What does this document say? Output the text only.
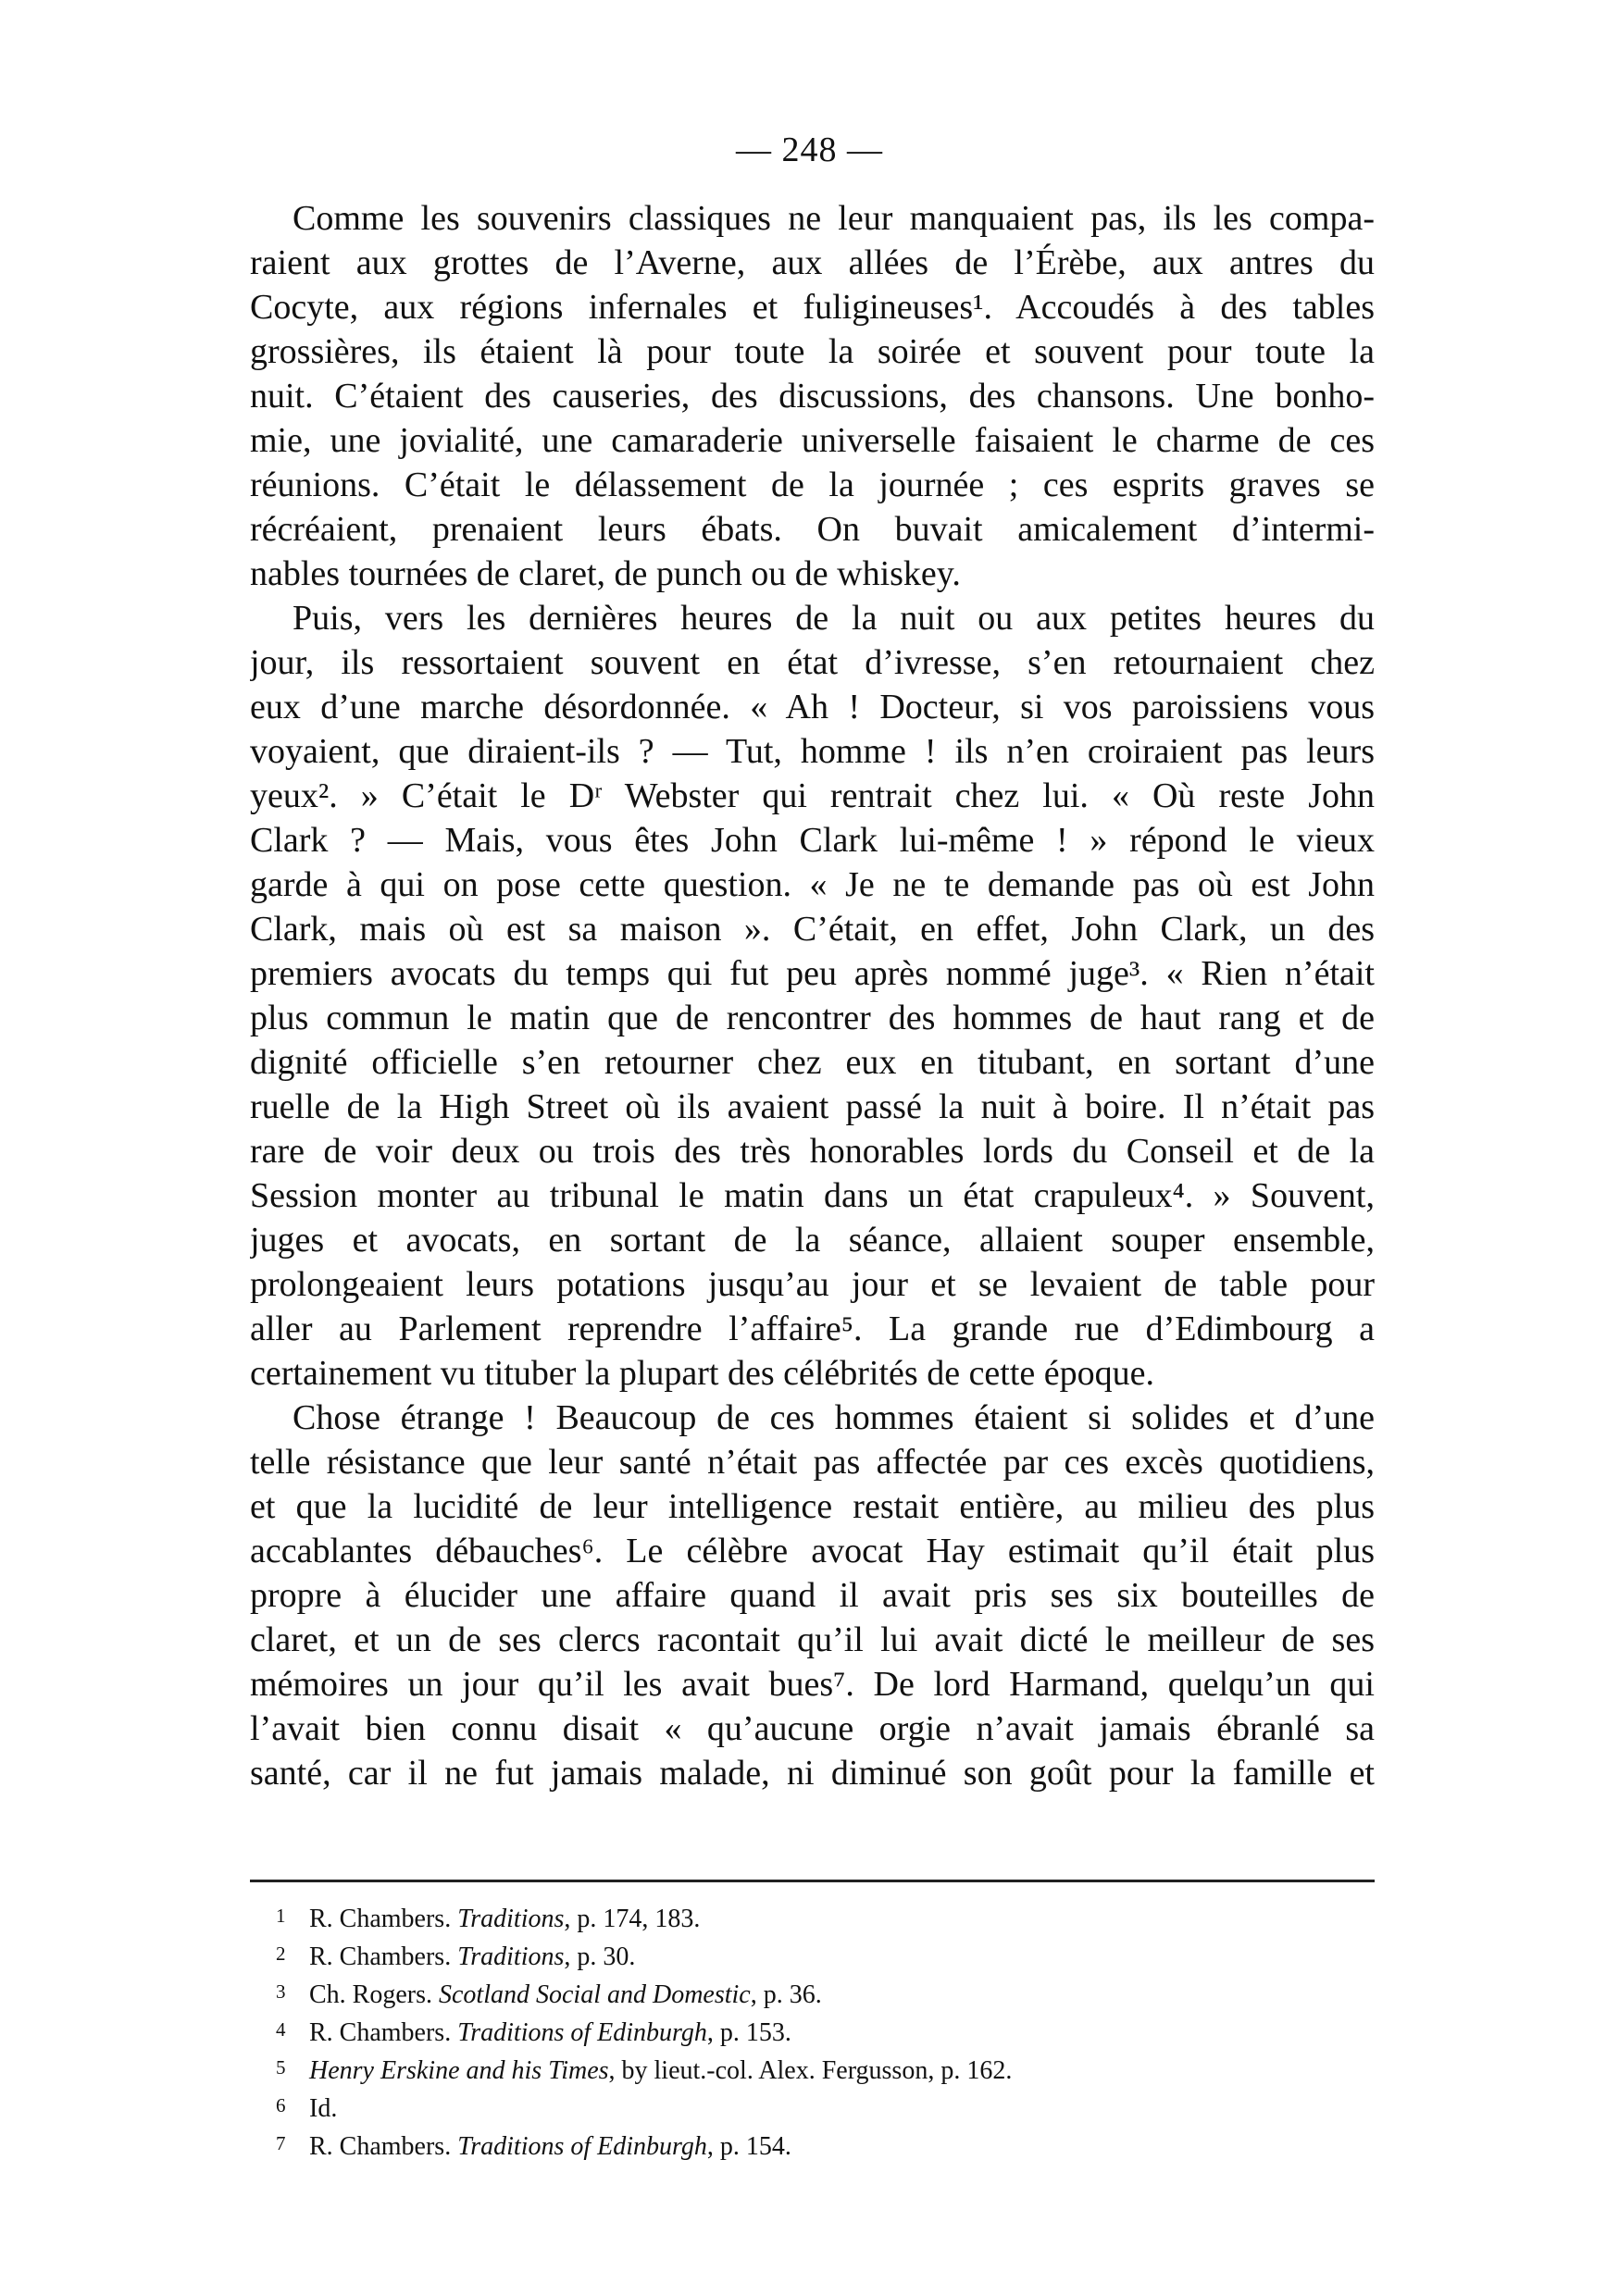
— 248 —
Comme les souvenirs classiques ne leur manquaient pas, ils les compa-
raient aux grottes de l’Averne, aux allées de l’Érèbe, aux antres du
Cocyte, aux régions infernales et fuligineuses¹. Accoudés à des tables
grossières, ils étaient là pour toute la soirée et souvent pour toute la
nuit. C’étaient des causeries, des discussions, des chansons. Une bonho-
mie, une jovialité, une camaraderie universelle faisaient le charme de ces
réunions. C’était le délassement de la journée ; ces esprits graves se
récréaient, prenaient leurs ébats. On buvait amicalement d’intermi-
nables tournées de claret, de punch ou de whiskey.
Puis, vers les dernières heures de la nuit ou aux petites heures du
jour, ils ressortaient souvent en état d’ivresse, s’en retournaient chez
eux d’une marche désordonnée. « Ah ! Docteur, si vos paroissiens vous
voyaient, que diraient-ils ? — Tut, homme ! ils n’en croiraient pas leurs
yeux². » C’était le Dʳ Webster qui rentrait chez lui. « Où reste John
Clark ? — Mais, vous êtes John Clark lui-même ! » répond le vieux
garde à qui on pose cette question. « Je ne te demande pas où est John
Clark, mais où est sa maison ». C’était, en effet, John Clark, un des
premiers avocats du temps qui fut peu après nommé juge³. « Rien n’était
plus commun le matin que de rencontrer des hommes de haut rang et de
dignité officielle s’en retourner chez eux en titubant, en sortant d’une
ruelle de la High Street où ils avaient passé la nuit à boire. Il n’était pas
rare de voir deux ou trois des très honorables lords du Conseil et de la
Session monter au tribunal le matin dans un état crapuleux⁴. » Souvent,
juges et avocats, en sortant de la séance, allaient souper ensemble,
prolongeaient leurs potations jusqu’au jour et se levaient de table pour
aller au Parlement reprendre l’affaire⁵. La grande rue d’Edimbourg a
certainement vu tituber la plupart des célébrités de cette époque.
Chose étrange ! Beaucoup de ces hommes étaient si solides et d’une
telle résistance que leur santé n’était pas affectée par ces excès quotidiens,
et que la lucidité de leur intelligence restait entière, au milieu des plus
accablantes débauches⁶. Le célèbre avocat Hay estimait qu’il était plus
propre à élucider une affaire quand il avait pris ses six bouteilles de
claret, et un de ses clercs racontait qu’il lui avait dicté le meilleur de ses
mémoires un jour qu’il les avait bues⁷. De lord Harmand, quelqu’un qui
l’avait bien connu disait « qu’aucune orgie n’avait jamais ébranlé sa
santé, car il ne fut jamais malade, ni diminué son goût pour la famille et
1 R. Chambers. Traditions, p. 174, 183.
2 R. Chambers. Traditions, p. 30.
3 Ch. Rogers. Scotland Social and Domestic, p. 36.
4 R. Chambers. Traditions of Edinburgh, p. 153.
5 Henry Erskine and his Times, by lieut.-col. Alex. Fergusson, p. 162.
6 Id.
7 R. Chambers. Traditions of Edinburgh, p. 154.
